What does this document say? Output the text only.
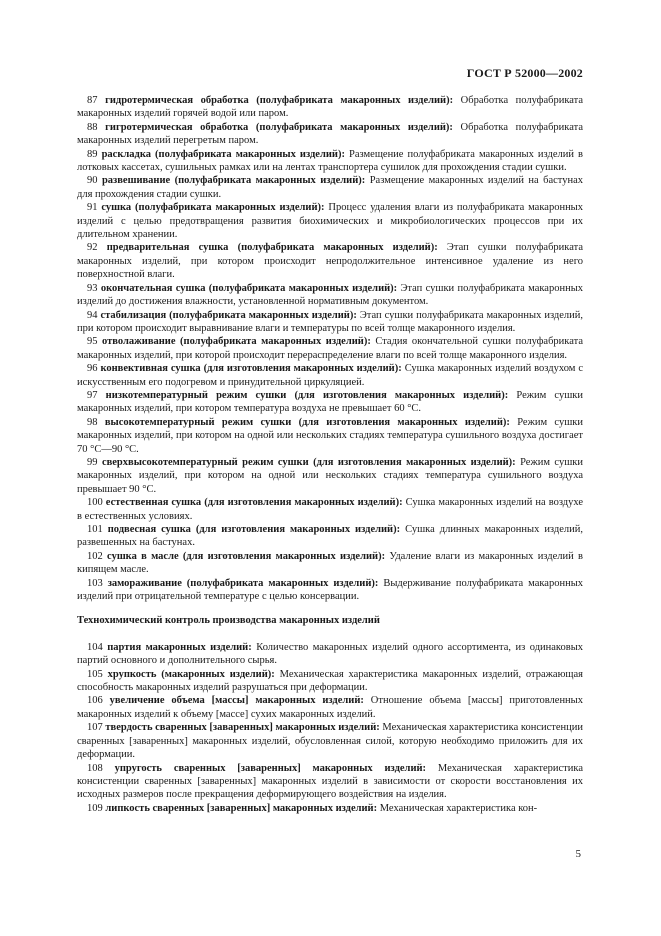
ГОСТ Р 52000—2002

87 гидротермическая обработка (полуфабриката макаронных изделий): Обработка полуфабриката макаронных изделий горячей водой или паром.

88 гигротермическая обработка (полуфабриката макаронных изделий): Обработка полуфабриката макаронных изделий перегретым паром.

89 раскладка (полуфабриката макаронных изделий): Размещение полуфабриката макаронных изделий в лотковых кассетах, сушильных рамках или на лентах транспортера сушилок для прохождения стадии сушки.

90 развешивание (полуфабриката макаронных изделий): Размещение макаронных изделий на бастунах для прохождения стадии сушки.

91 сушка (полуфабриката макаронных изделий): Процесс удаления влаги из полуфабриката макаронных изделий с целью предотвращения развития биохимических и микробиологических процессов при их длительном хранении.

92 предварительная сушка (полуфабриката макаронных изделий): Этап сушки полуфабриката макаронных изделий, при котором происходит непродолжительное интенсивное удаление из него поверхностной влаги.

93 окончательная сушка (полуфабриката макаронных изделий): Этап сушки полуфабриката макаронных изделий до достижения влажности, установленной нормативным документом.

94 стабилизация (полуфабриката макаронных изделий): Этап сушки полуфабриката макаронных изделий, при котором происходит выравнивание влаги и температуры по всей толще макаронного изделия.

95 отволаживание (полуфабриката макаронных изделий): Стадия окончательной сушки полуфабриката макаронных изделий, при которой происходит перераспределение влаги по всей толще макаронного изделия.

96 конвективная сушка (для изготовления макаронных изделий): Сушка макаронных изделий воздухом с искусственным его подогревом и принудительной циркуляцией.

97 низкотемпературный режим сушки (для изготовления макаронных изделий): Режим сушки макаронных изделий, при котором температура воздуха не превышает 60 °С.

98 высокотемпературный режим сушки (для изготовления макаронных изделий): Режим сушки макаронных изделий, при котором на одной или нескольких стадиях температура сушильного воздуха достигает 70 °С—90 °С.

99 сверхвысокотемпературный режим сушки (для изготовления макаронных изделий): Режим сушки макаронных изделий, при котором на одной или нескольких стадиях температура сушильного воздуха превышает 90 °С.

100 естественная сушка (для изготовления макаронных изделий): Сушка макаронных изделий на воздухе в естественных условиях.

101 подвесная сушка (для изготовления макаронных изделий): Сушка длинных макаронных изделий, развешенных на бастунах.

102 сушка в масле (для изготовления макаронных изделий): Удаление влаги из макаронных изделий в кипящем масле.

103 замораживание (полуфабриката макаронных изделий): Выдерживание полуфабриката макаронных изделий при отрицательной температуре с целью консервации.

Технохимический контроль производства макаронных изделий

104 партия макаронных изделий: Количество макаронных изделий одного ассортимента, из одинаковых партий основного и дополнительного сырья.

105 хрупкость (макаронных изделий): Механическая характеристика макаронных изделий, отражающая способность макаронных изделий разрушаться при деформации.

106 увеличение объема [массы] макаронных изделий: Отношение объема [массы] приготовленных макаронных изделий к объему [массе] сухих макаронных изделий.

107 твердость сваренных [заваренных] макаронных изделий: Механическая характеристика консистенции сваренных [заваренных] макаронных изделий, обусловленная силой, которую необходимо приложить для их деформации.

108 упругость сваренных [заваренных] макаронных изделий: Механическая характеристика консистенции сваренных [заваренных] макаронных изделий в зависимости от скорости восстановления их исходных размеров после прекращения деформирующего воздействия на изделия.

109 липкость сваренных [заваренных] макаронных изделий: Механическая характеристика кон-

5
